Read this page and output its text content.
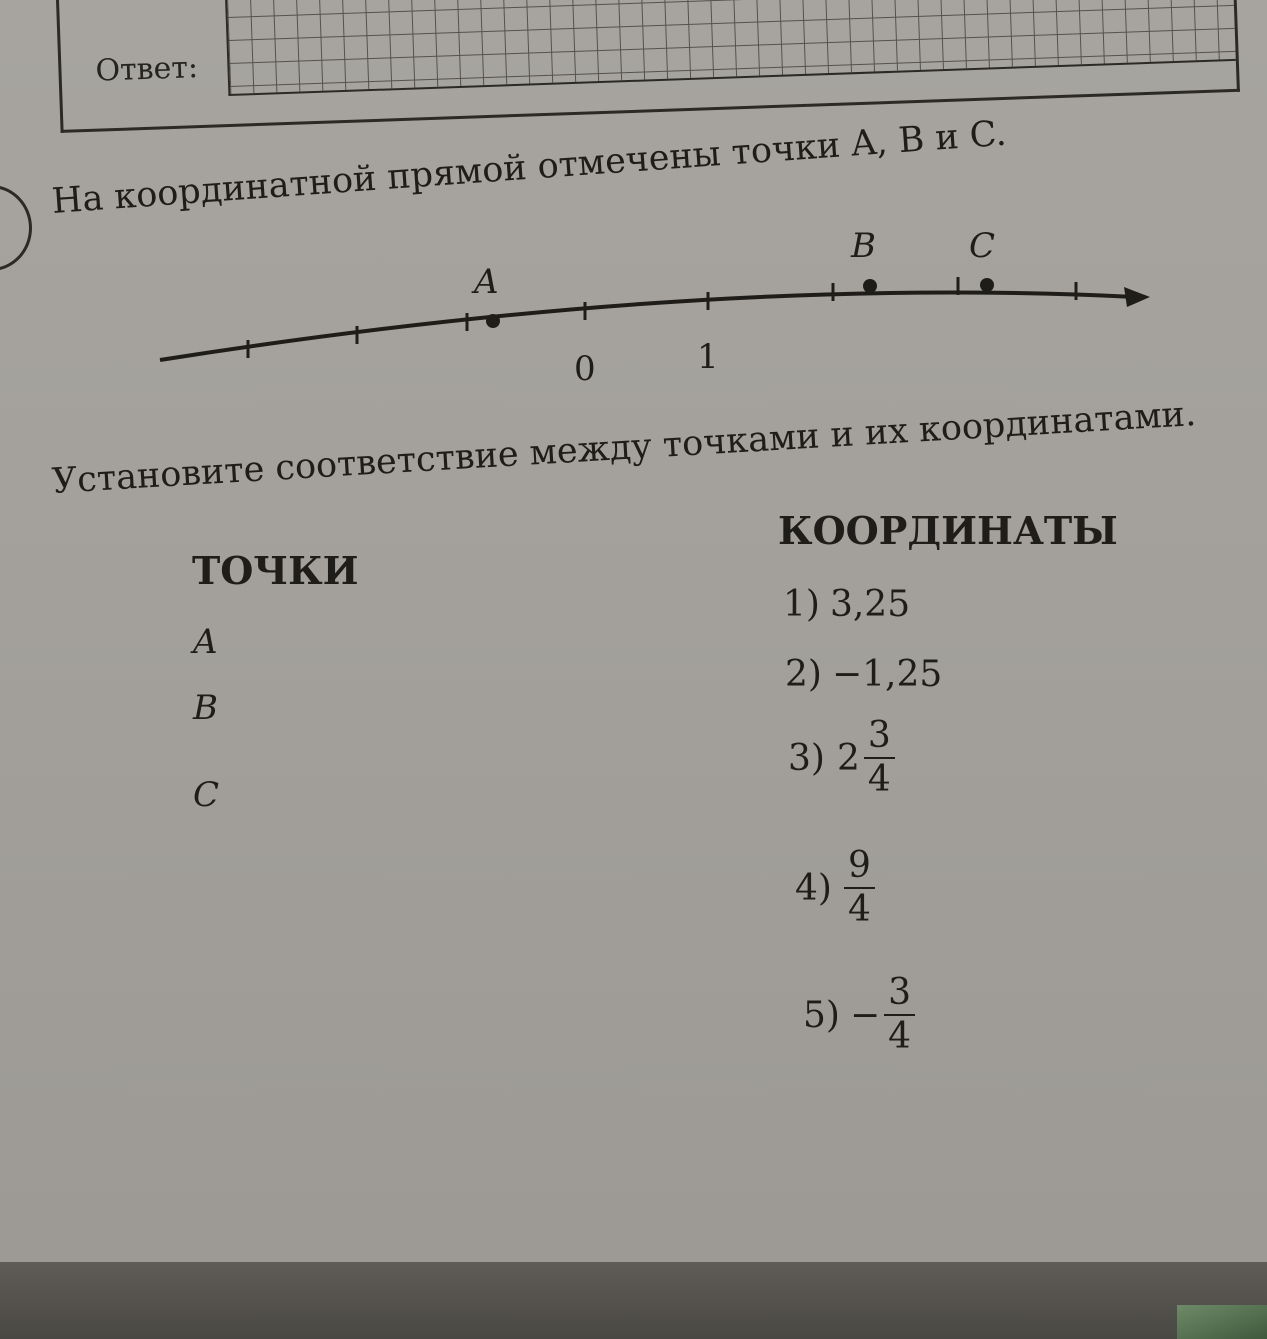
Ответ:
На координатной прямой отмечены точки A, B и C.
A
B	C
0	1
Установите соответствие между точками и их координатами.
ТОЧКИ
A
B
C
КООРДИНАТЫ
1) 3,25
2) −1,25
3) $2 \frac{3}{4}$
$4) \frac{9}{4}$
$5) - \frac{3}{4}$
